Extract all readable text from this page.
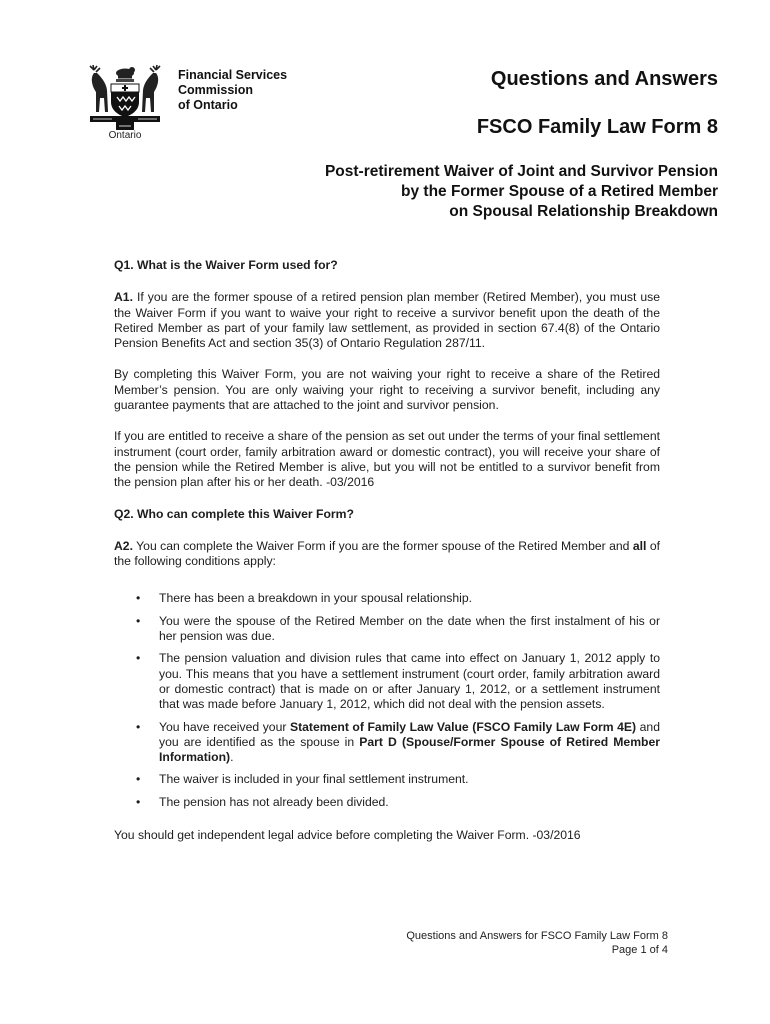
Ontario
Financial Services
Commission
of Ontario
Questions and Answers
FSCO Family Law Form 8
Post-retirement Waiver of Joint and Survivor Pension
by the Former Spouse of a Retired Member
on Spousal Relationship Breakdown
Q1. What is the Waiver Form used for?

A1. If you are the former spouse of a retired pension plan member (Retired Member), you must use the Waiver Form if you want to waive your right to receive a survivor benefit upon the death of the Retired Member as part of your family law settlement, as provided in section 67.4(8) of the Ontario Pension Benefits Act and section 35(3) of Ontario Regulation 287/11.

By completing this Waiver Form, you are not waiving your right to receive a share of the Retired Member’s pension. You are only waiving your right to receiving a survivor benefit, including any guarantee payments that are attached to the joint and survivor pension.

If you are entitled to receive a share of the pension as set out under the terms of your final settlement instrument (court order, family arbitration award or domestic contract), you will receive your share of the pension while the Retired Member is alive, but you will not be entitled to a survivor benefit from the pension plan after his or her death. -03/2016

Q2. Who can complete this Waiver Form?

A2. You can complete the Waiver Form if you are the former spouse of the Retired Member and all of the following conditions apply:

• There has been a breakdown in your spousal relationship.
• You were the spouse of the Retired Member on the date when the first instalment of his or her pension was due.
• The pension valuation and division rules that came into effect on January 1, 2012 apply to you. This means that you have a settlement instrument (court order, family arbitration award or domestic contract) that is made on or after January 1, 2012, or a settlement instrument that was made before January 1, 2012, which did not deal with the pension assets.
• You have received your Statement of Family Law Value (FSCO Family Law Form 4E) and you are identified as the spouse in Part D (Spouse/Former Spouse of Retired Member Information).
• The waiver is included in your final settlement instrument.
• The pension has not already been divided.

You should get independent legal advice before completing the Waiver Form. -03/2016

Questions and Answers for FSCO Family Law Form 8
Page 1 of 4
